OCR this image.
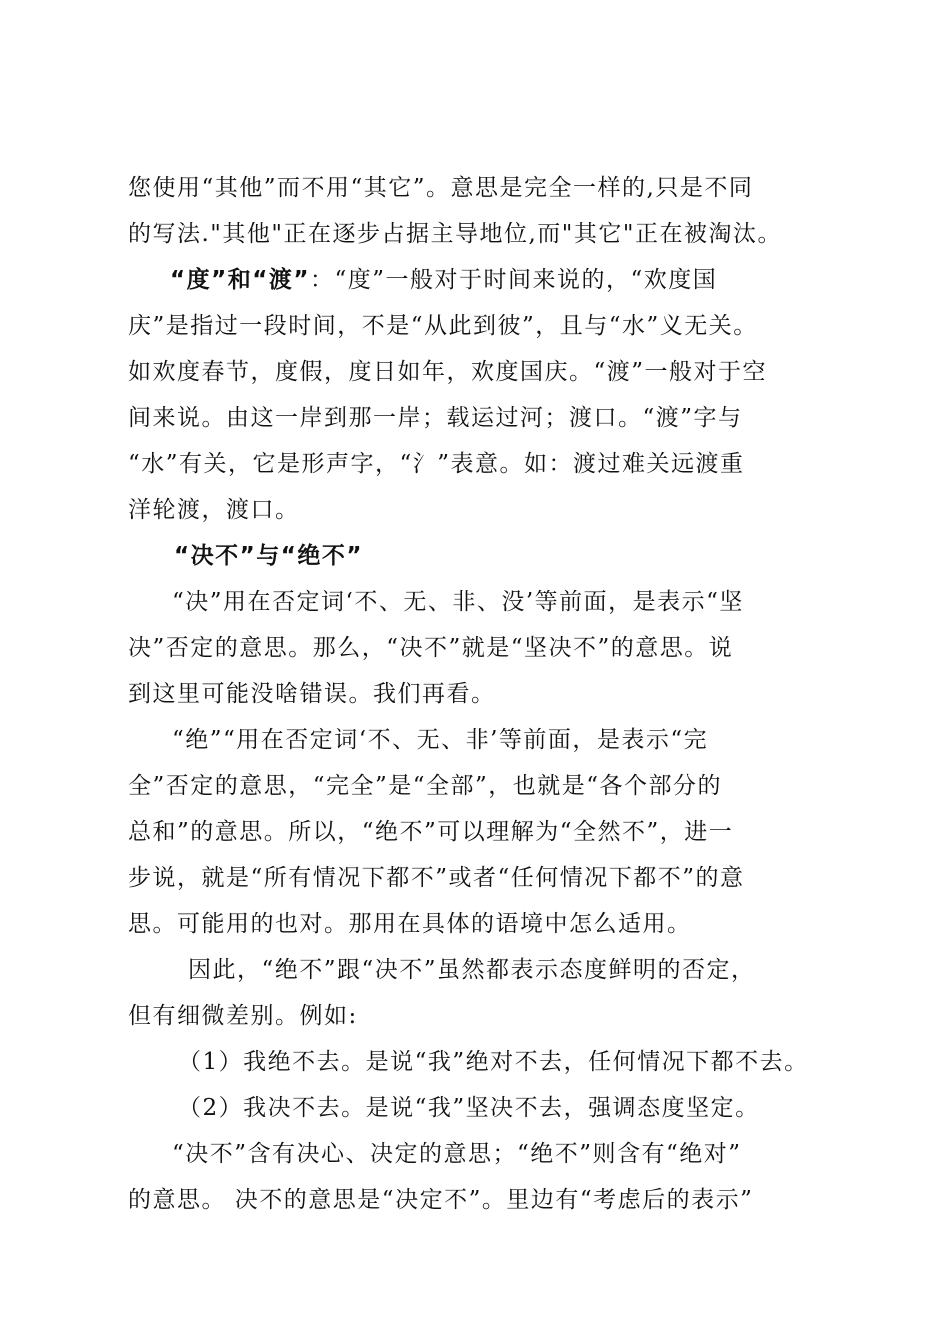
您使用“其他”而不用“其它”。意思是完全一样的,只是不同
的写法."其他"正在逐步占据主导地位,而"其它"正在被淘汰。
“度”和“渡”：“度”一般对于时间来说的，“欢度国
庆”是指过一段时间，不是“从此到彼”，且与“水”义无关。
如欢度春节，度假，度日如年，欢度国庆。“渡”一般对于空
间来说。由这一岸到那一岸；载运过河；渡口。“渡”字与
“水”有关，它是形声字，“氵”表意。如：渡过难关远渡重
洋轮渡，渡口。
“决不”与“绝不”
“决”用在否定词‘不、无、非、没’等前面，是表示“坚
决”否定的意思。那么，“决不”就是“坚决不”的意思。说
到这里可能没啥错误。我们再看。
“绝”“用在否定词‘不、无、非’等前面，是表示“完
全”否定的意思，“完全”是“全部”，也就是“各个部分的
总和”的意思。所以，“绝不”可以理解为“全然不”，进一
步说，就是“所有情况下都不”或者“任何情况下都不”的意
思。可能用的也对。那用在具体的语境中怎么适用。
因此，“绝不”跟“决不”虽然都表示态度鲜明的否定，
但有细微差别。例如:
（1）我绝不去。是说“我”绝对不去，任何情况下都不去。
（2）我决不去。是说“我”坚决不去，强调态度坚定。
“决不”含有决心、决定的意思；“绝不”则含有“绝对”
的意思。 决不的意思是“决定不”。里边有“考虑后的表示”
